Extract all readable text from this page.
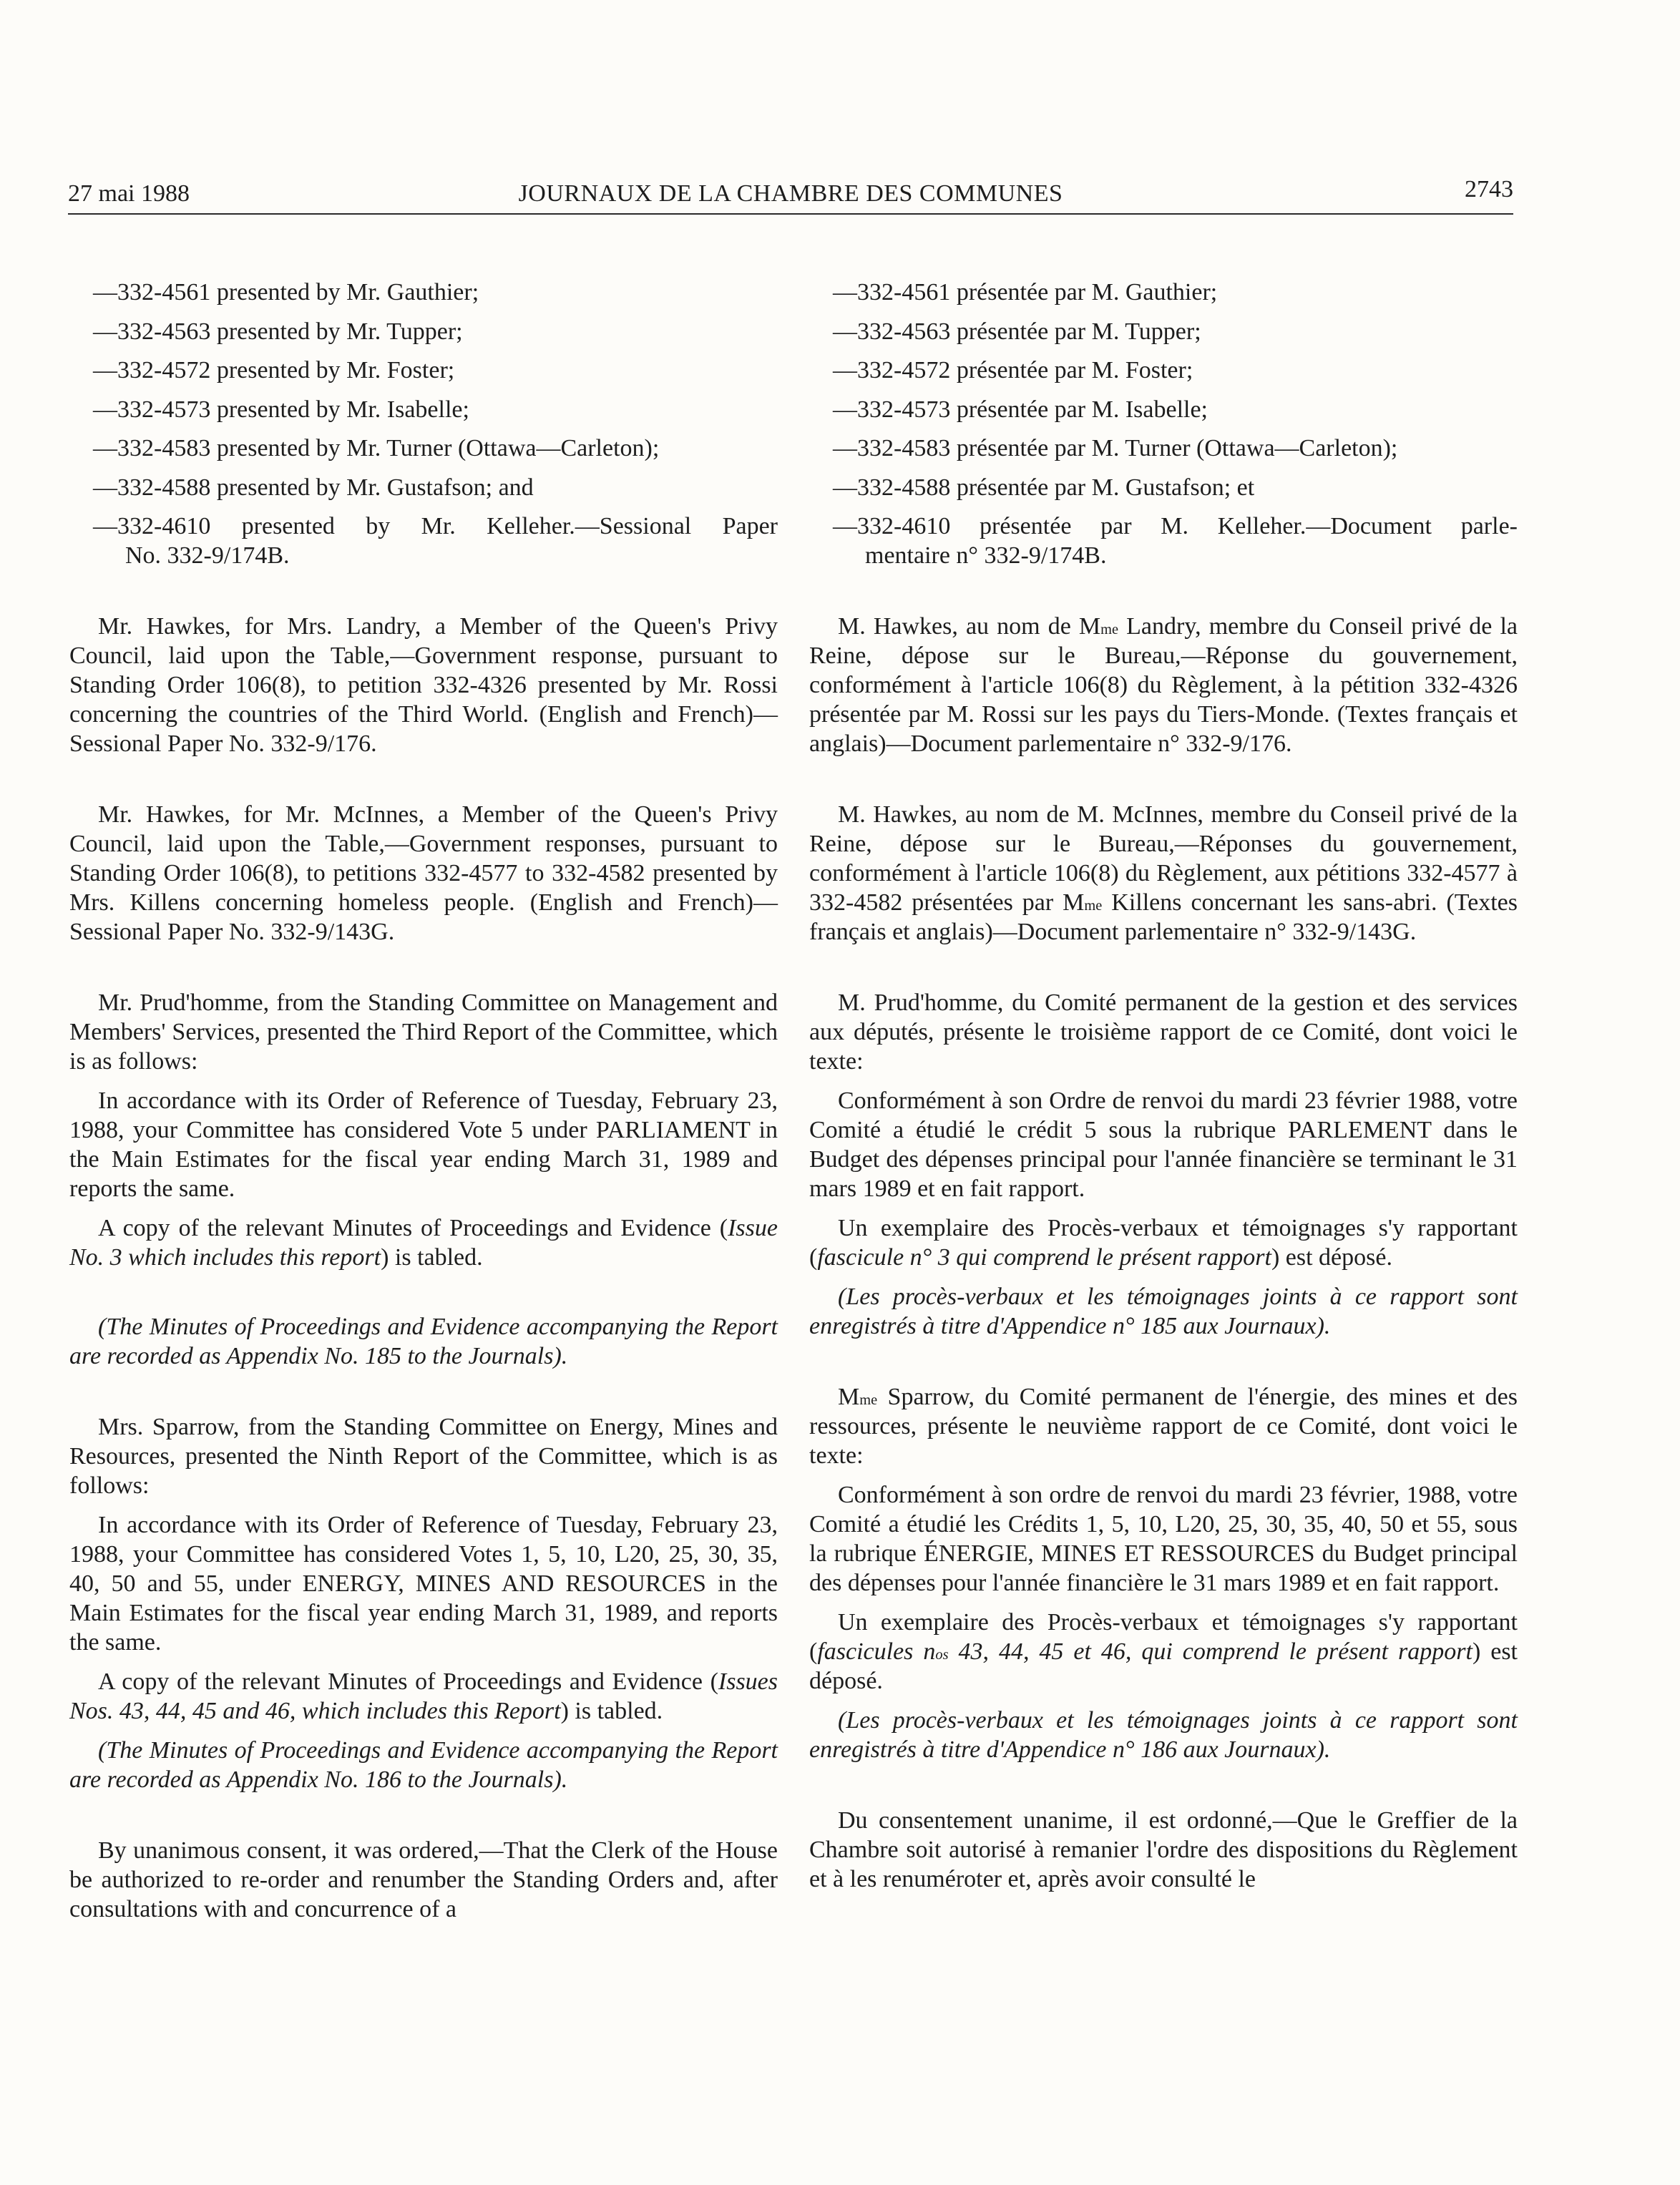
27 mai 1988	JOURNAUX DE LA CHAMBRE DES COMMUNES	2743
—332-4561 presented by Mr. Gauthier;
—332-4563 presented by Mr. Tupper;
—332-4572 presented by Mr. Foster;
—332-4573 presented by Mr. Isabelle;
—332-4583 presented by Mr. Turner (Ottawa—Carleton);
—332-4588 presented by Mr. Gustafson; and
—332-4610 presented by Mr. Kelleher.—Sessional Paper
No. 332-9/174B.

Mr. Hawkes, for Mrs. Landry, a Member of the Queen's Privy Council, laid upon the Table,—Government response, pursuant to Standing Order 106(8), to petition 332-4326 presented by Mr. Rossi concerning the countries of the Third World. (English and French)—Sessional Paper No. 332-9/176.

Mr. Hawkes, for Mr. McInnes, a Member of the Queen's Privy Council, laid upon the Table,—Government responses, pursuant to Standing Order 106(8), to petitions 332-4577 to 332-4582 presented by Mrs. Killens concerning homeless people. (English and French)—Sessional Paper No. 332-9/143G.

Mr. Prud'homme, from the Standing Committee on Management and Members' Services, presented the Third Report of the Committee, which is as follows:

In accordance with its Order of Reference of Tuesday, February 23, 1988, your Committee has considered Vote 5 under PARLIAMENT in the Main Estimates for the fiscal year ending March 31, 1989 and reports the same.

A copy of the relevant Minutes of Proceedings and Evidence (Issue No. 3 which includes this report) is tabled.

(The Minutes of Proceedings and Evidence accompanying the Report are recorded as Appendix No. 185 to the Journals).

Mrs. Sparrow, from the Standing Committee on Energy, Mines and Resources, presented the Ninth Report of the Committee, which is as follows:

In accordance with its Order of Reference of Tuesday, February 23, 1988, your Committee has considered Votes 1, 5, 10, L20, 25, 30, 35, 40, 50 and 55, under ENERGY, MINES AND RESOURCES in the Main Estimates for the fiscal year ending March 31, 1989, and reports the same.

A copy of the relevant Minutes of Proceedings and Evidence (Issues Nos. 43, 44, 45 and 46, which includes this Report) is tabled.

(The Minutes of Proceedings and Evidence accompanying the Report are recorded as Appendix No. 186 to the Journals).

By unanimous consent, it was ordered,—That the Clerk of the House be authorized to re-order and renumber the Standing Orders and, after consultations with and concurrence of a

—332-4561 présentée par M. Gauthier;
—332-4563 présentée par M. Tupper;
—332-4572 présentée par M. Foster;
—332-4573 présentée par M. Isabelle;
—332-4583 présentée par M. Turner (Ottawa—Carleton);
—332-4588 présentée par M. Gustafson; et
—332-4610 présentée par M. Kelleher.—Document parle-
mentaire n° 332-9/174B.

M. Hawkes, au nom de $M^{me}$ Landry, membre du Conseil privé de la Reine, dépose sur le Bureau,—Réponse du gouvernement, conformément à l'article 106(8) du Règlement, à la pétition 332-4326 présentée par M. Rossi sur les pays du Tiers-Monde. (Textes français et anglais)—Document parlementaire n° 332-9/176.

M. Hawkes, au nom de M. McInnes, membre du Conseil privé de la Reine, dépose sur le Bureau,—Réponses du gouvernement, conformément à l'article 106(8) du Règlement, aux pétitions 332-4577 à 332-4582 présentées par $M^{me}$ Killens concernant les sans-abri. (Textes français et anglais)—Document parlementaire n° 332-9/143G.

M. Prud'homme, du Comité permanent de la gestion et des services aux députés, présente le troisième rapport de ce Comité, dont voici le texte:

Conformément à son Ordre de renvoi du mardi 23 février 1988, votre Comité a étudié le crédit 5 sous la rubrique PARLEMENT dans le Budget des dépenses principal pour l'année financière se terminant le 31 mars 1989 et en fait rapport.

Un exemplaire des Procès-verbaux et témoignages s'y rapportant (fascicule n° 3 qui comprend le présent rapport) est déposé.

(Les procès-verbaux et les témoignages joints à ce rapport sont enregistrés à titre d'Appendice n° 185 aux Journaux).

$M^{me}$ Sparrow, du Comité permanent de l'énergie, des mines et des ressources, présente le neuvième rapport de ce Comité, dont voici le texte:

Conformément à son ordre de renvoi du mardi 23 février, 1988, votre Comité a étudié les Crédits 1, 5, 10, L20, 25, 30, 35, 40, 50 et 55, sous la rubrique ÉNERGIE, MINES ET RESSOURCES du Budget principal des dépenses pour l'année financière le 31 mars 1989 et en fait rapport.

Un exemplaire des Procès-verbaux et témoignages s'y rapportant (fascicules $n^{os}$ 43, 44, 45 et 46, qui comprend le présent rapport) est déposé.

(Les procès-verbaux et les témoignages joints à ce rapport sont enregistrés à titre d'Appendice n° 186 aux Journaux).

Du consentement unanime, il est ordonné,—Que le Greffier de la Chambre soit autorisé à remanier l'ordre des dispositions du Règlement et à les renuméroter et, après avoir consulté le
